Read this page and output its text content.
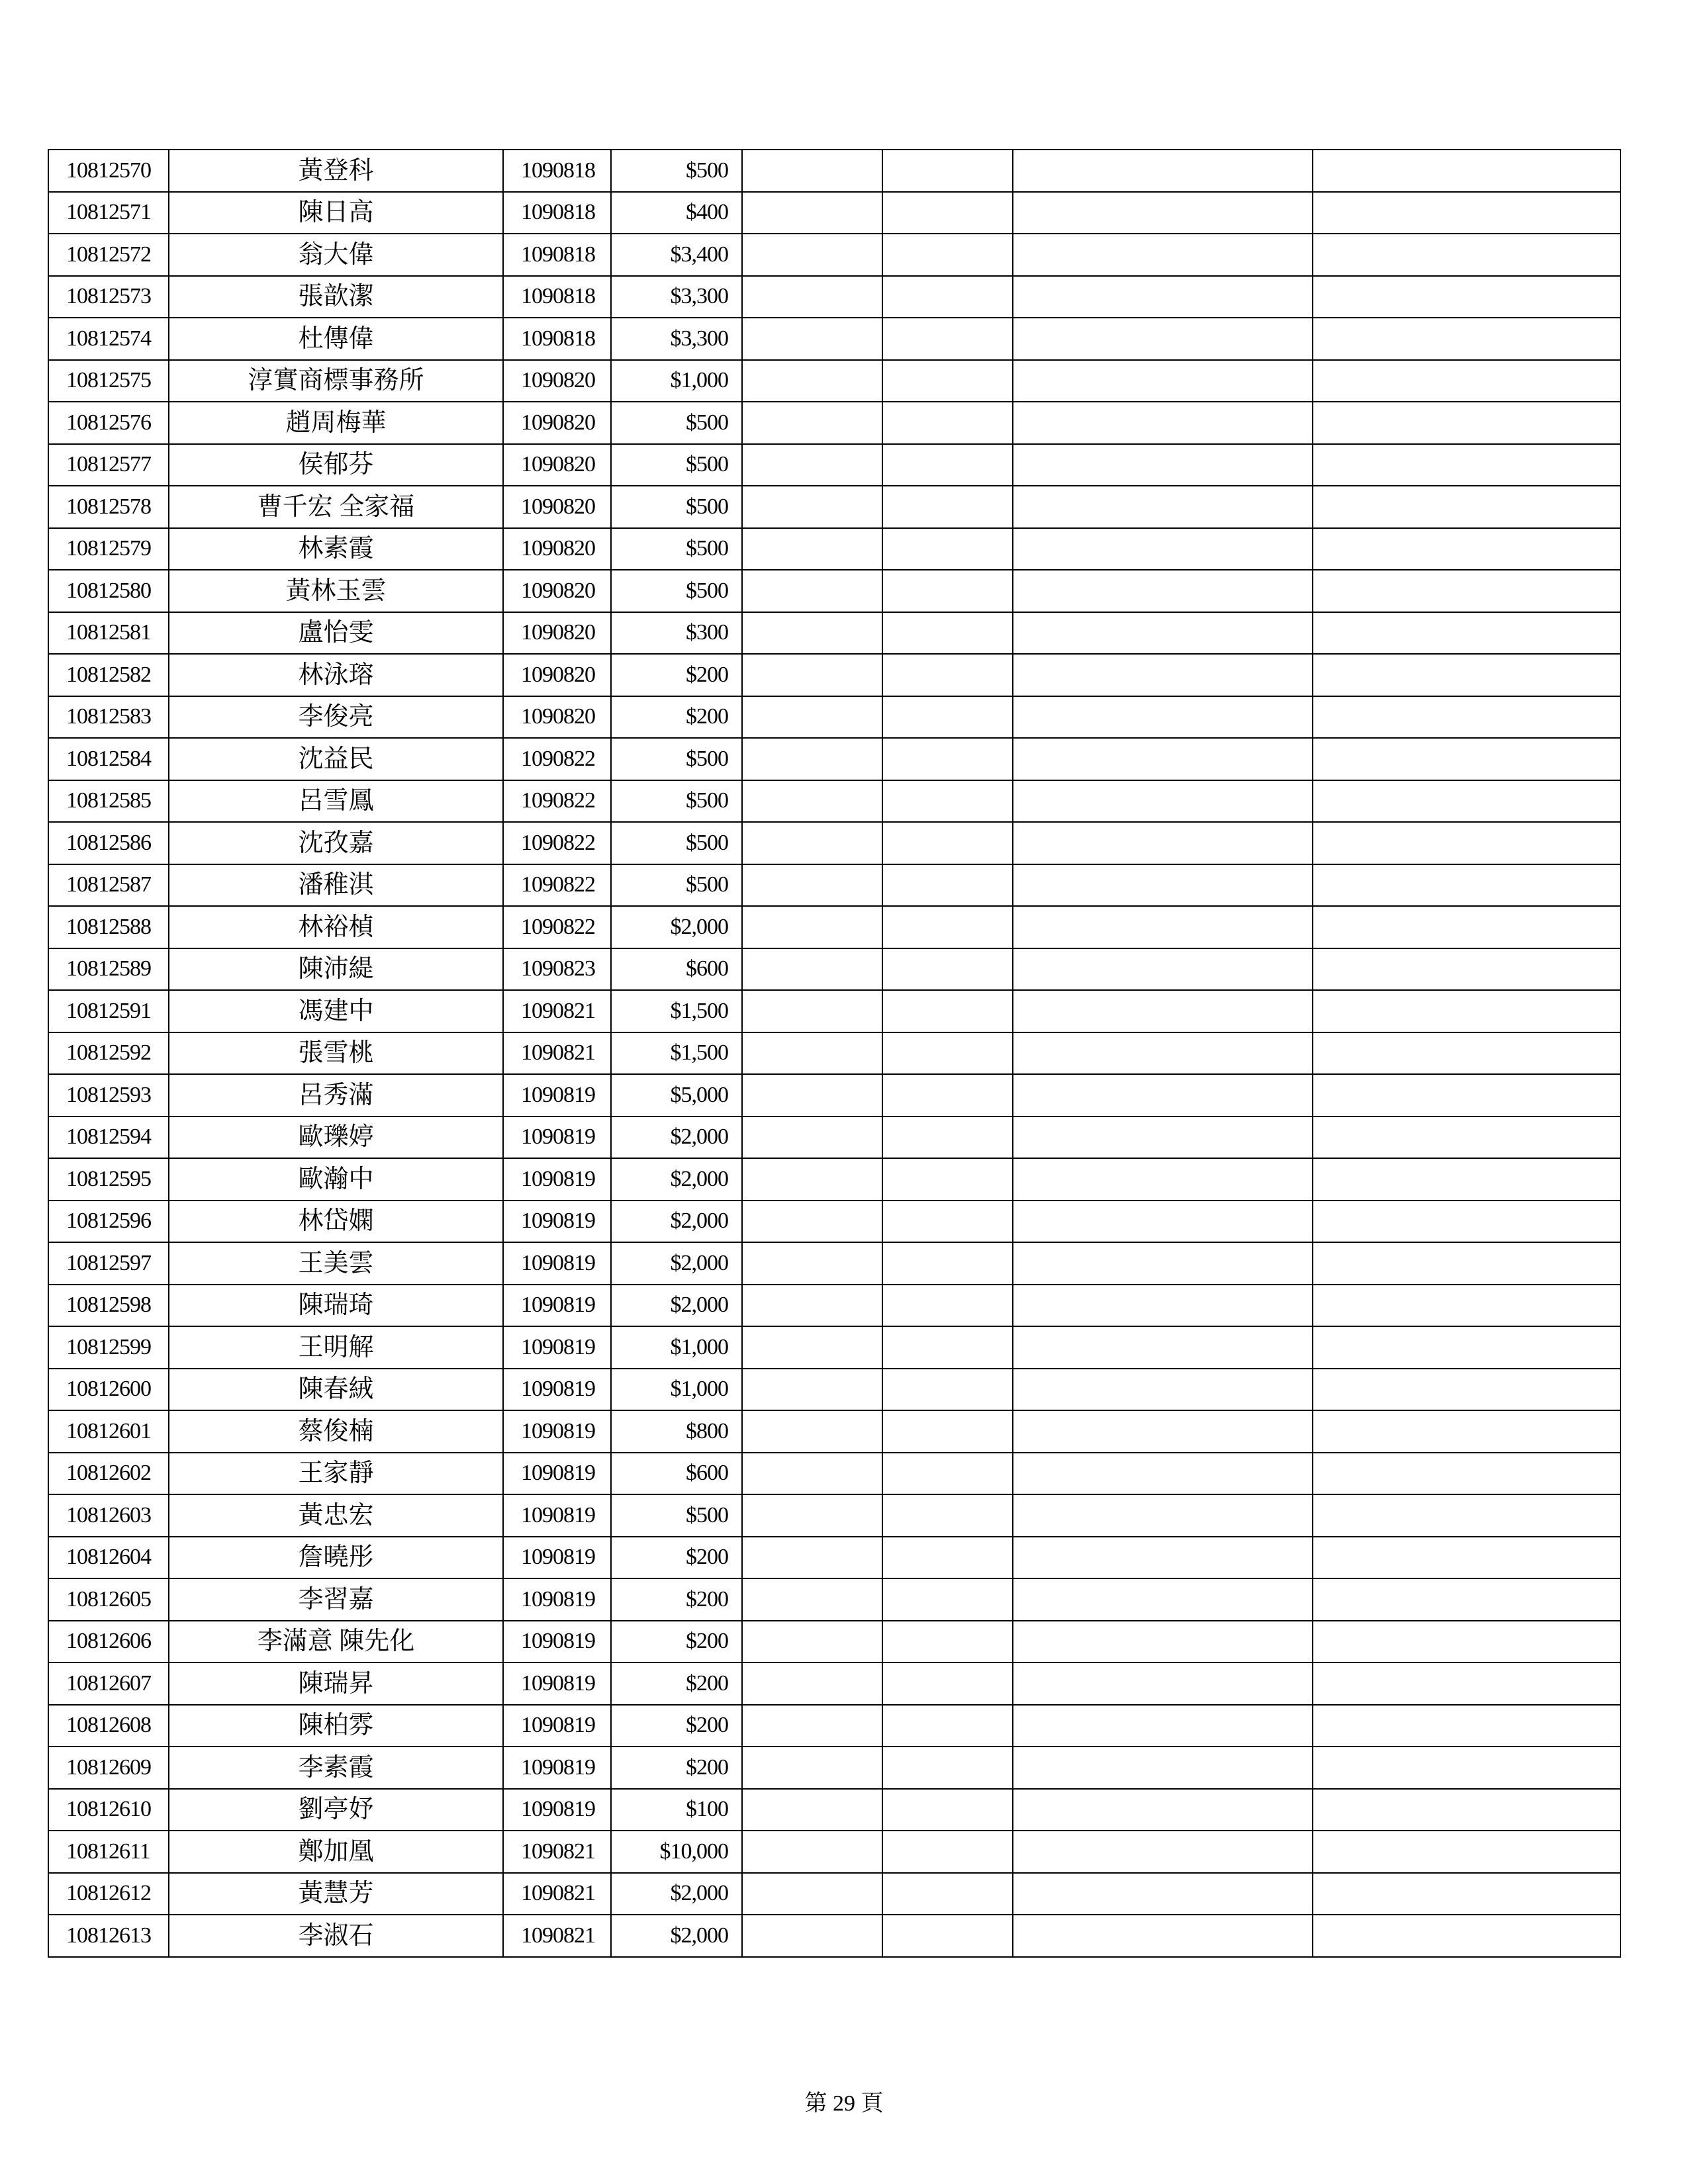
10812570	黃登科	1090818	$500				
10812571	陳日高	1090818	$400				
10812572	翁大偉	1090818	$3,400				
10812573	張歆潔	1090818	$3,300				
10812574	杜傳偉	1090818	$3,300				
10812575	淳實商標事務所	1090820	$1,000				
10812576	趙周梅華	1090820	$500				
10812577	侯郁芬	1090820	$500				
10812578	曹千宏 全家福	1090820	$500				
10812579	林素霞	1090820	$500				
10812580	黃林玉雲	1090820	$500				
10812581	盧怡雯	1090820	$300				
10812582	林泳瑢	1090820	$200				
10812583	李俊亮	1090820	$200				
10812584	沈益民	1090822	$500				
10812585	呂雪鳳	1090822	$500				
10812586	沈孜嘉	1090822	$500				
10812587	潘稚淇	1090822	$500				
10812588	林裕楨	1090822	$2,000				
10812589	陳沛緹	1090823	$600				
10812591	馮建中	1090821	$1,500				
10812592	張雪桃	1090821	$1,500				
10812593	呂秀滿	1090819	$5,000				
10812594	歐瓅婷	1090819	$2,000				
10812595	歐瀚中	1090819	$2,000				
10812596	林岱嫻	1090819	$2,000				
10812597	王美雲	1090819	$2,000				
10812598	陳瑞琦	1090819	$2,000				
10812599	王明解	1090819	$1,000				
10812600	陳春絨	1090819	$1,000				
10812601	蔡俊楠	1090819	$800				
10812602	王家靜	1090819	$600				
10812603	黃忠宏	1090819	$500				
10812604	詹曉彤	1090819	$200				
10812605	李習嘉	1090819	$200				
10812606	李滿意 陳先化	1090819	$200				
10812607	陳瑞昇	1090819	$200				
10812608	陳柏雰	1090819	$200				
10812609	李素霞	1090819	$200				
10812610	劉亭妤	1090819	$100				
10812611	鄭加凰	1090821	$10,000				
10812612	黃慧芳	1090821	$2,000				
10812613	李淑石	1090821	$2,000				
第 29 頁
